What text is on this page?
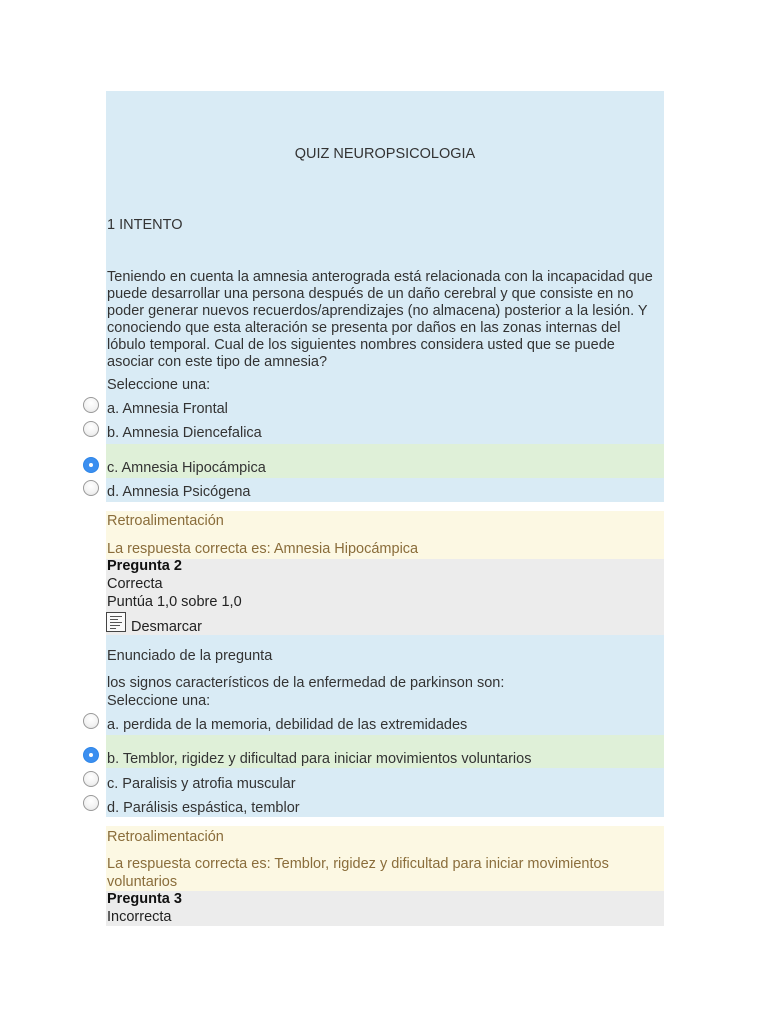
QUIZ NEUROPSICOLOGIA
1 INTENTO
Teniendo en cuenta la amnesia anterograda está relacionada con la incapacidad que puede desarrollar una persona después de un daño cerebral y que consiste en no poder generar nuevos recuerdos/aprendizajes (no almacena) posterior a la lesión. Y conociendo que esta alteración se presenta por daños en las zonas internas del lóbulo temporal. Cual de los siguientes nombres considera usted que se puede asociar con este tipo de amnesia?
Seleccione una:
a. Amnesia Frontal
b. Amnesia Diencefalica
c. Amnesia Hipocámpica
d. Amnesia Psicógena
Retroalimentación
La respuesta correcta es: Amnesia Hipocámpica
Pregunta 2
Correcta
Puntúa 1,0 sobre 1,0
Desmarcar
Enunciado de la pregunta
los signos característicos de la enfermedad de parkinson son:
Seleccione una:
a. perdida de la memoria, debilidad de las extremidades
b. Temblor, rigidez y dificultad para iniciar movimientos voluntarios
c. Paralisis y atrofia muscular
d. Parálisis espástica, temblor
Retroalimentación
La respuesta correcta es: Temblor, rigidez y dificultad para iniciar movimientos voluntarios
Pregunta 3
Incorrecta
